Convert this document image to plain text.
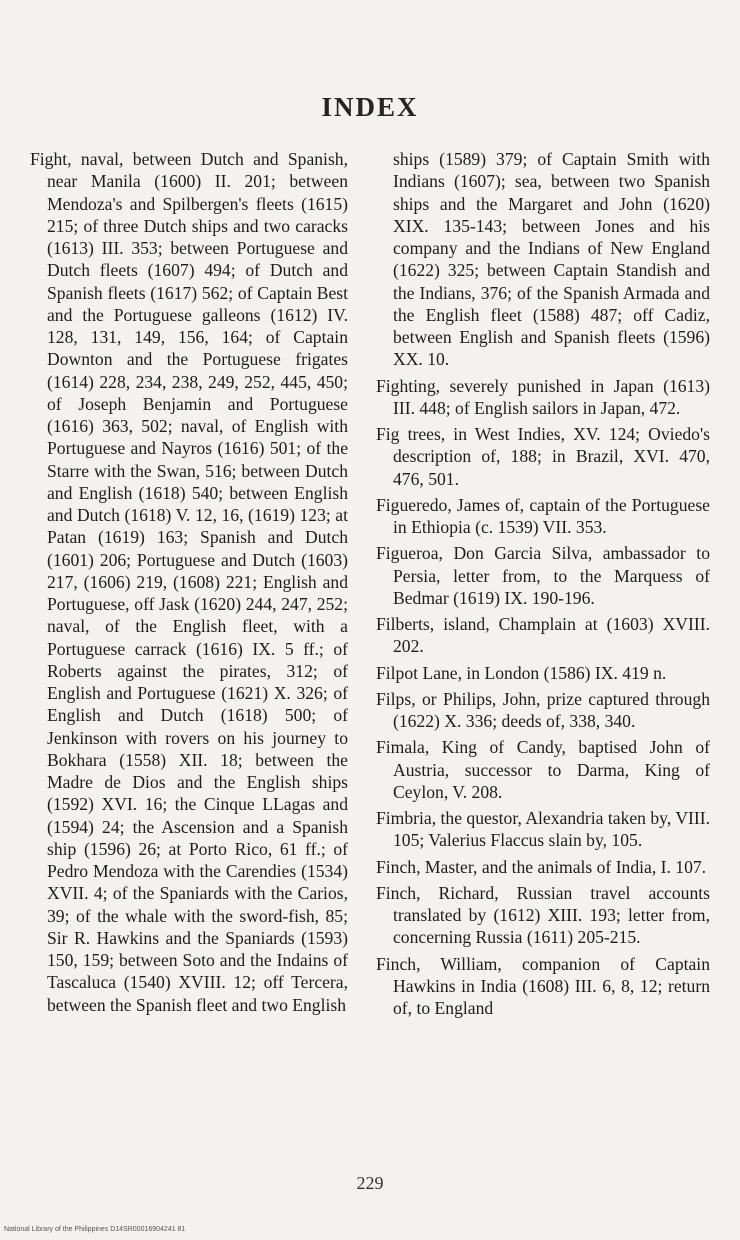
INDEX

Fight, naval, between Dutch and Spanish, near Manila (1600) II. 201; between Mendoza's and Spilbergen's fleets (1615) 215; of three Dutch ships and two caracks (1613) III. 353; between Portuguese and Dutch fleets (1607) 494; of Dutch and Spanish fleets (1617) 562; of Captain Best and the Portuguese galleons (1612) IV. 128, 131, 149, 156, 164; of Captain Downton and the Portuguese frigates (1614) 228, 234, 238, 249, 252, 445, 450; of Joseph Benjamin and Portuguese (1616) 363, 502; naval, of English with Portuguese and Nayros (1616) 501; of the Starre with the Swan, 516; between Dutch and English (1618) 540; between English and Dutch (1618) V. 12, 16, (1619) 123; at Patan (1619) 163; Spanish and Dutch (1601) 206; Portuguese and Dutch (1603) 217, (1606) 219, (1608) 221; English and Portuguese, off Jask (1620) 244, 247, 252; naval, of the English fleet, with a Portuguese carrack (1616) IX. 5 ff.; of Roberts against the pirates, 312; of English and Portuguese (1621) X. 326; of English and Dutch (1618) 500; of Jenkinson with rovers on his journey to Bokhara (1558) XII. 18; between the Madre de Dios and the English ships (1592) XVI. 16; the Cinque LLagas and (1594) 24; the Ascension and a Spanish ship (1596) 26; at Porto Rico, 61 ff.; of Pedro Mendoza with the Carendies (1534) XVII. 4; of the Spaniards with the Carios, 39; of the whale with the sword-fish, 85; Sir R. Hawkins and the Spaniards (1593) 150, 159; between Soto and the Indains of Tascaluca (1540) XVIII. 12; off Tercera, between the Spanish fleet and two English

ships (1589) 379; of Captain Smith with Indians (1607); sea, between two Spanish ships and the Margaret and John (1620) XIX. 135-143; between Jones and his company and the Indians of New England (1622) 325; between Captain Standish and the Indians, 376; of the Spanish Armada and the English fleet (1588) 487; off Cadiz, between English and Spanish fleets (1596) XX. 10.

Fighting, severely punished in Japan (1613) III. 448; of English sailors in Japan, 472.

Fig trees, in West Indies, XV. 124; Oviedo's description of, 188; in Brazil, XVI. 470, 476, 501.

Figueredo, James of, captain of the Portuguese in Ethiopia (c. 1539) VII. 353.

Figueroa, Don Garcia Silva, ambassador to Persia, letter from, to the Marquess of Bedmar (1619) IX. 190-196.

Filberts, island, Champlain at (1603) XVIII. 202.

Filpot Lane, in London (1586) IX. 419 n.

Filps, or Philips, John, prize captured through (1622) X. 336; deeds of, 338, 340.

Fimala, King of Candy, baptised John of Austria, successor to Darma, King of Ceylon, V. 208.

Fimbria, the questor, Alexandria taken by, VIII. 105; Valerius Flaccus slain by, 105.

Finch, Master, and the animals of India, I. 107.

Finch, Richard, Russian travel accounts translated by (1612) XIII. 193; letter from, concerning Russia (1611) 205-215.

Finch, William, companion of Captain Hawkins in India (1608) III. 6, 8, 12; return of, to England

229
National Library of the Philippines D14SR00016904241 81
